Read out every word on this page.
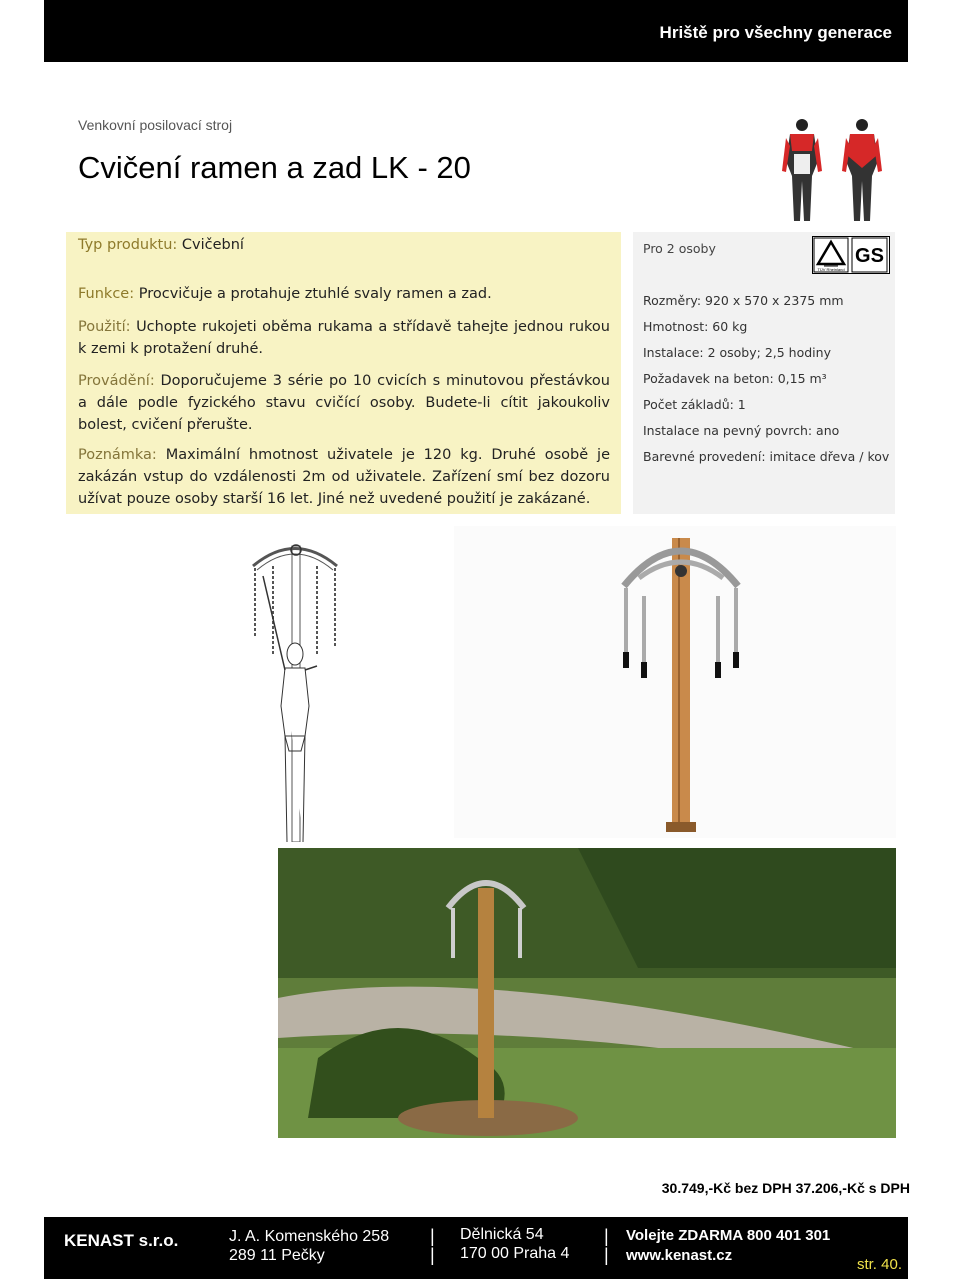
Hriště pro všechny generace
Venkovní posilovací stroj
Cvičení ramen a zad LK - 20
Typ produktu: Cvičební
Funkce: Procvičuje a protahuje ztuhlé svaly ramen a zad.
Použití: Uchopte rukojeti oběma rukama a střídavě tahejte jednou rukou k zemi k protažení druhé.
Provádění: Doporučujeme 3 série po 10 cvicích s minutovou přestávkou a dále podle fyzického stavu cvičící osoby. Budete-li cítit jakoukoliv bolest, cvičení přerušte.
Poznámka: Maximální hmotnost uživatele je 120 kg. Druhé osobě je zakázán vstup do vzdálenosti 2m od uživatele. Zařízení smí bez dozoru užívat pouze osoby starší 16 let. Jiné než uvedené použití je zakázané.
Pro 2 osoby
Rozměry: 920 x 570 x 2375 mm
Hmotnost: 60 kg
Instalace: 2 osoby; 2,5 hodiny
Požadavek na beton: 0,15 m³
Počet základů: 1
Instalace na pevný povrch: ano
Barevné provedení: imitace dřeva / kov
TÜV Rheinland
GS
30.749,-Kč bez DPH 37.206,-Kč s DPH
KENAST s.r.o.	J. A. Komenského 258
289 11 Pečky
|
|
Dělnická 54
170 00 Praha 4
|
|
Volejte ZDARMA 800 401 301
www.kenast.cz
str. 40.
